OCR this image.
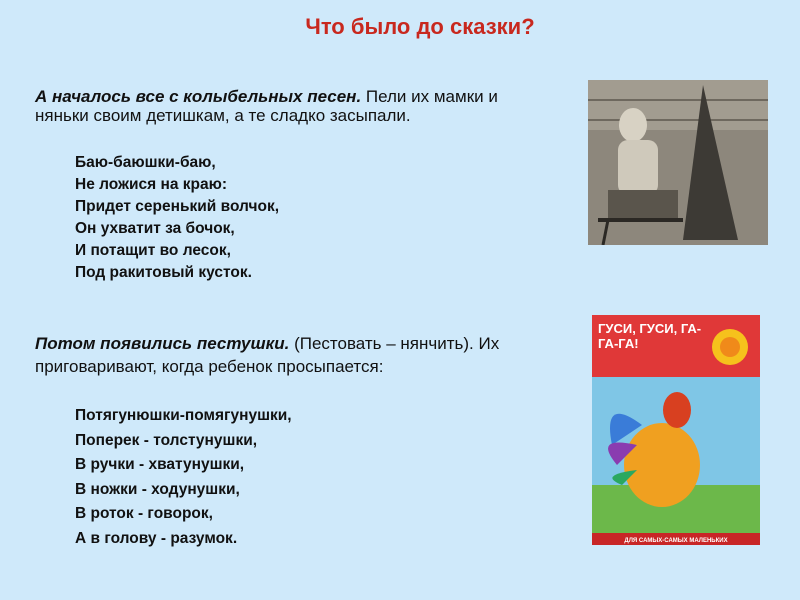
Что было до сказки?
А началось все с колыбельных песен. Пели их мамки и няньки своим детишкам, а те сладко засыпали.
Баю-баюшки-баю,
Не ложися на краю:
Придет серенький волчок,
Он ухватит за бочок,
И потащит во лесок,
Под ракитовый кусток.
Потом появились пестушки. (Пестовать – нянчить). Их приговаривают, когда ребенок просыпается:
Потягунюшки-помягунушки,
Поперек - толстунушки,
В ручки - хватунушки,
В ножки - ходунушки,
В роток - говорок,
А в голову - разумок.
ГУСИ, ГУСИ, ГА-ГА-ГА!
ДЛЯ САМЫХ-САМЫХ МАЛЕНЬКИХ
